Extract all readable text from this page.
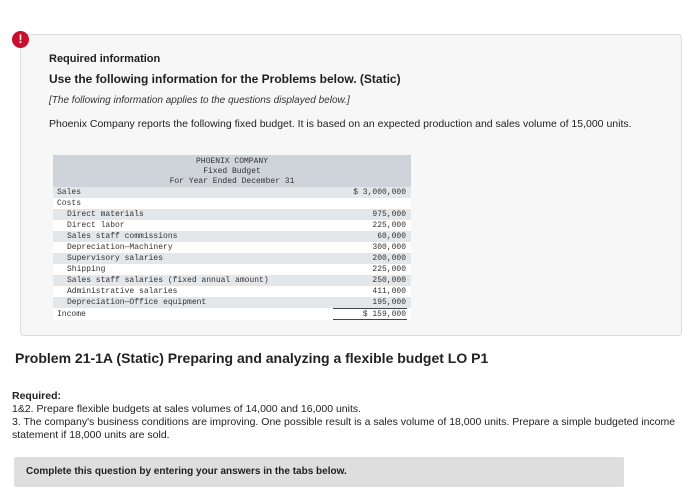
!
Required information
Use the following information for the Problems below. (Static)
[The following information applies to the questions displayed below.]
Phoenix Company reports the following fixed budget. It is based on an expected production and sales volume of 15,000 units.
PHOENIX COMPANY
Fixed Budget
For Year Ended December 31
Sales	$ 3,000,000
Costs
Direct materials	975,000
Direct labor	225,000
Sales staff commissions	60,000
Depreciation—Machinery	300,000
Supervisory salaries	200,000
Shipping	225,000
Sales staff salaries (fixed annual amount)	250,000
Administrative salaries	411,000
Depreciation—Office equipment	195,000
Income	$ 159,000
Problem 21-1A (Static) Preparing and analyzing a flexible budget LO P1
Required:
1&2. Prepare flexible budgets at sales volumes of 14,000 and 16,000 units.
3. The company's business conditions are improving. One possible result is a sales volume of 18,000 units. Prepare a simple budgeted income statement if 18,000 units are sold.
Complete this question by entering your answers in the tabs below.
